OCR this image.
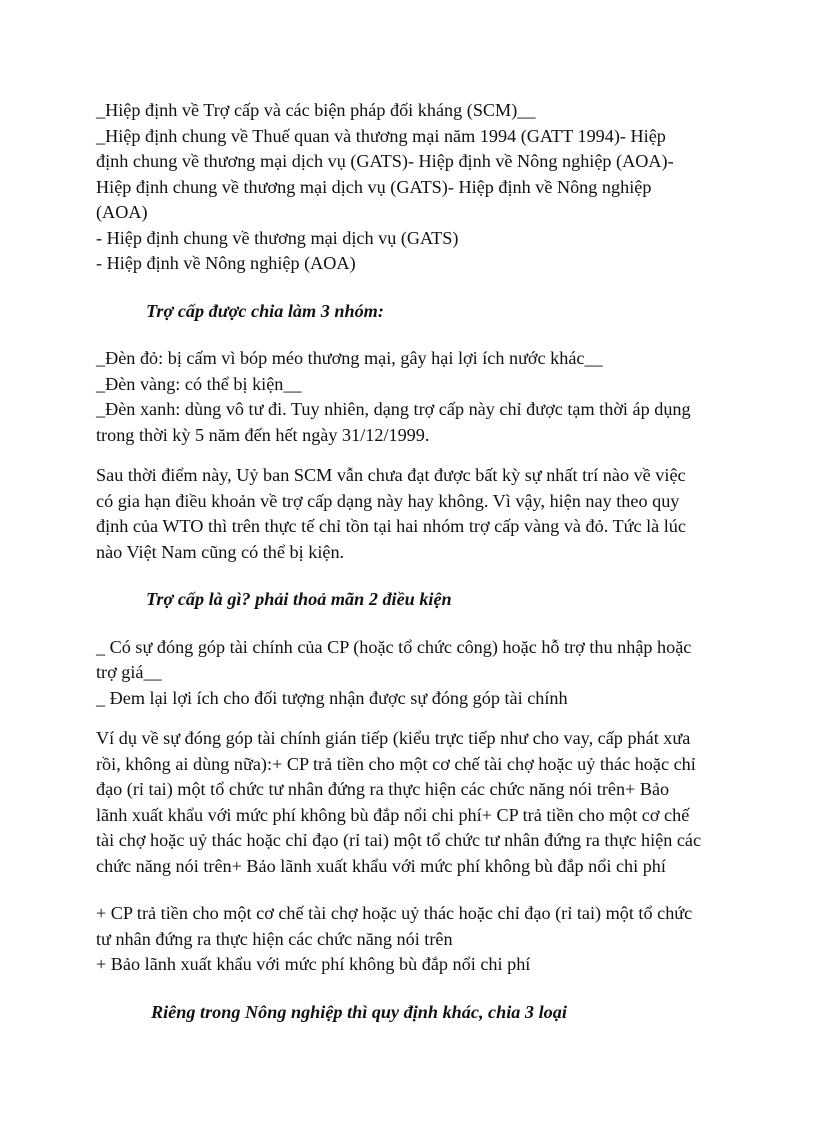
_Hiệp định về Trợ cấp và các biện pháp đối kháng (SCM)__

_Hiệp định chung về Thuế quan và thương mại năm 1994 (GATT 1994)- Hiệp

định chung về thương mại dịch vụ (GATS)- Hiệp định về Nông nghiệp (AOA)-

Hiệp định chung về thương mại dịch vụ (GATS)- Hiệp định về Nông nghiệp

(AOA)

- Hiệp định chung về thương mại dịch vụ (GATS)

- Hiệp định về Nông nghiệp (AOA)

Trợ cấp được chia làm 3 nhóm:

_Đèn đỏ: bị cấm vì bóp méo thương mại, gây hại lợi ích nước khác__

_Đèn vàng: có thể bị kiện__

_Đèn xanh: dùng vô tư đi. Tuy nhiên, dạng trợ cấp này chỉ được tạm thời áp dụng

trong thời kỳ 5 năm đến hết ngày 31/12/1999.

Sau thời điểm này, Uỷ ban SCM vẫn chưa đạt được bất kỳ sự nhất trí nào về việc

có gia hạn điều khoản về trợ cấp dạng này hay không. Vì vậy, hiện nay theo quy

định của WTO thì trên thực tế chỉ tồn tại hai nhóm trợ cấp vàng và đỏ. Tức là lúc

nào Việt Nam cũng có thể bị kiện.

Trợ cấp là gì? phải thoả mãn 2 điều kiện

_ Có sự đóng góp tài chính của CP (hoặc tổ chức công) hoặc hỗ trợ thu nhập hoặc

trợ giá__

_ Đem lại lợi ích cho đối tượng nhận được sự đóng góp tài chính

Ví dụ về sự đóng góp tài chính gián tiếp (kiểu trực tiếp như cho vay, cấp phát xưa

rồi, không ai dùng nữa):+ CP trả tiền cho một cơ chế tài chợ hoặc uỷ thác hoặc chỉ

đạo (rỉ tai) một tổ chức tư nhân đứng ra thực hiện các chức năng nói trên+ Bảo

lãnh xuất khẩu với mức phí không bù đắp nổi chi phí+ CP trả tiền cho một cơ chế

tài chợ hoặc uỷ thác hoặc chỉ đạo (rỉ tai) một tổ chức tư nhân đứng ra thực hiện các

chức năng nói trên+ Bảo lãnh xuất khẩu với mức phí không bù đắp nổi chi phí

+ CP trả tiền cho một cơ chế tài chợ hoặc uỷ thác hoặc chỉ đạo (rỉ tai) một tổ chức

tư nhân đứng ra thực hiện các chức năng nói trên

+ Bảo lãnh xuất khẩu với mức phí không bù đắp nổi chi phí

Riêng trong Nông nghiệp thì quy định khác, chia 3 loại
